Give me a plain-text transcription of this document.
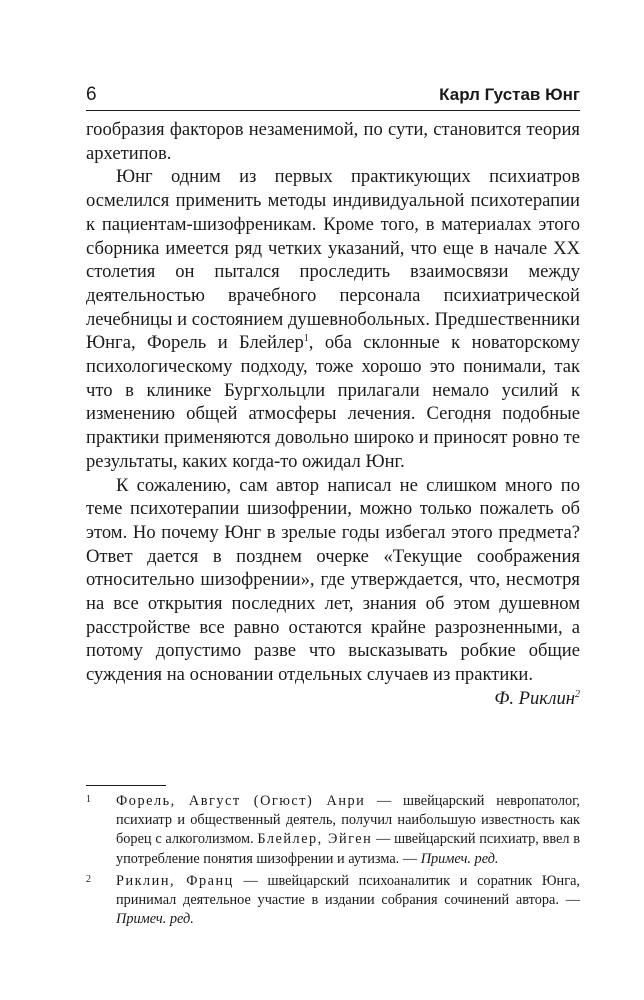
6	Карл Густав Юнг

гообразия факторов незаменимой, по сути, становится теория архетипов.

Юнг одним из первых практикующих психиатров осмелился применить методы индивидуальной психотерапии к пациентам-шизофреникам. Кроме того, в материалах этого сборника имеется ряд четких указаний, что еще в начале XX столетия он пытался проследить взаимосвязи между деятельностью врачебного персонала психиатрической лечебницы и состоянием душевнобольных. Предшественники Юнга, Форель и Блейлер$^1$, оба склонные к новаторскому психологическому подходу, тоже хорошо это понимали, так что в клинике Бургхольцли прилагали немало усилий к изменению общей атмосферы лечения. Сегодня подобные практики применяются довольно широко и приносят ровно те результаты, каких когда-то ожидал Юнг.

К сожалению, сам автор написал не слишком много по теме психотерапии шизофрении, можно только пожалеть об этом. Но почему Юнг в зрелые годы избегал этого предмета? Ответ дается в позднем очерке «Текущие соображения относительно шизофрении», где утверждается, что, несмотря на все открытия последних лет, знания об этом душевном расстройстве все равно остаются крайне разрозненными, а потому допустимо разве что высказывать робкие общие суждения на основании отдельных случаев из практики.

Ф. Риклин$^2$
1 Форель, Август (Огюст) Анри — швейцарский невропатолог, психиатр и общественный деятель, получил наибольшую известность как борец с алкоголизмом. Блейлер, Эйген — швейцарский психиатр, ввел в употребление понятия шизофрении и аутизма. — Примеч. ред.
2 Риклин, Франц — швейцарский психоаналитик и соратник Юнга, принимал деятельное участие в издании собрания сочинений автора. — Примеч. ред.
